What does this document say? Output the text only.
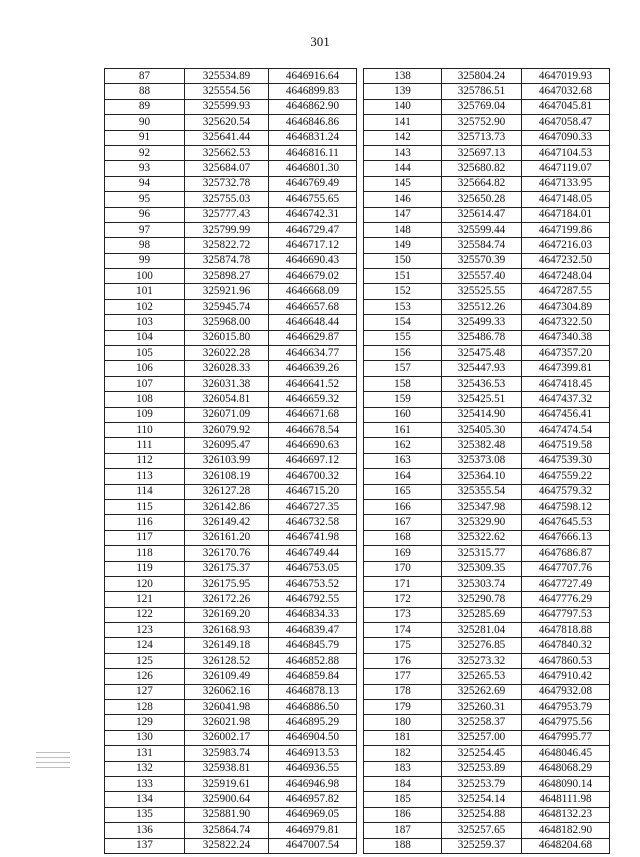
301
87	325534.89	4646916.64		138	325804.24	4647019.93
88	325554.56	4646899.83		139	325786.51	4647032.68
89	325599.93	4646862.90		140	325769.04	4647045.81
90	325620.54	4646846.86		141	325752.90	4647058.47
91	325641.44	4646831.24		142	325713.73	4647090.33
92	325662.53	4646816.11		143	325697.13	4647104.53
93	325684.07	4646801.30		144	325680.82	4647119.07
94	325732.78	4646769.49		145	325664.82	4647133.95
95	325755.03	4646755.65		146	325650.28	4647148.05
96	325777.43	4646742.31		147	325614.47	4647184.01
97	325799.99	4646729.47		148	325599.44	4647199.86
98	325822.72	4646717.12		149	325584.74	4647216.03
99	325874.78	4646690.43		150	325570.39	4647232.50
100	325898.27	4646679.02		151	325557.40	4647248.04
101	325921.96	4646668.09		152	325525.55	4647287.55
102	325945.74	4646657.68		153	325512.26	4647304.89
103	325968.00	4646648.44		154	325499.33	4647322.50
104	326015.80	4646629.87		155	325486.78	4647340.38
105	326022.28	4646634.77		156	325475.48	4647357.20
106	326028.33	4646639.26		157	325447.93	4647399.81
107	326031.38	4646641.52		158	325436.53	4647418.45
108	326054.81	4646659.32		159	325425.51	4647437.32
109	326071.09	4646671.68		160	325414.90	4647456.41
110	326079.92	4646678.54		161	325405.30	4647474.54
111	326095.47	4646690.63		162	325382.48	4647519.58
112	326103.99	4646697.12		163	325373.08	4647539.30
113	326108.19	4646700.32		164	325364.10	4647559.22
114	326127.28	4646715.20		165	325355.54	4647579.32
115	326142.86	4646727.35		166	325347.98	4647598.12
116	326149.42	4646732.58		167	325329.90	4647645.53
117	326161.20	4646741.98		168	325322.62	4647666.13
118	326170.76	4646749.44		169	325315.77	4647686.87
119	326175.37	4646753.05		170	325309.35	4647707.76
120	326175.95	4646753.52		171	325303.74	4647727.49
121	326172.26	4646792.55		172	325290.78	4647776.29
122	326169.20	4646834.33		173	325285.69	4647797.53
123	326168.93	4646839.47		174	325281.04	4647818.88
124	326149.18	4646845.79		175	325276.85	4647840.32
125	326128.52	4646852.88		176	325273.32	4647860.53
126	326109.49	4646859.84		177	325265.53	4647910.42
127	326062.16	4646878.13		178	325262.69	4647932.08
128	326041.98	4646886.50		179	325260.31	4647953.79
129	326021.98	4646895.29		180	325258.37	4647975.56
130	326002.17	4646904.50		181	325257.00	4647995.77
131	325983.74	4646913.53		182	325254.45	4648046.45
132	325938.81	4646936.55		183	325253.89	4648068.29
133	325919.61	4646946.98		184	325253.79	4648090.14
134	325900.64	4646957.82		185	325254.14	4648111.98
135	325881.90	4646969.05		186	325254.88	4648132.23
136	325864.74	4646979.81		187	325257.65	4648182.90
137	325822.24	4647007.54		188	325259.37	4648204.68
